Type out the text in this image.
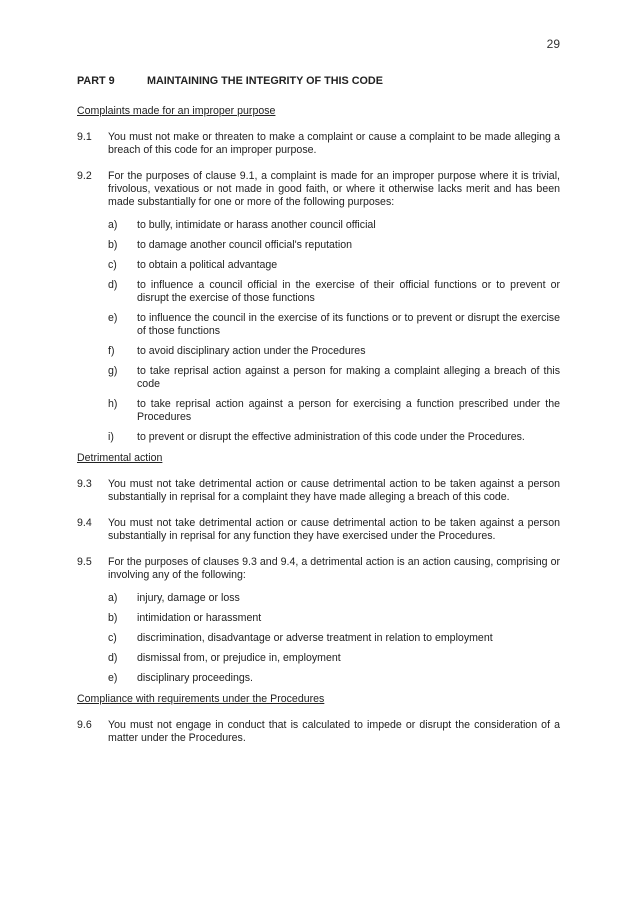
29
PART 9	MAINTAINING THE INTEGRITY OF THIS CODE
Complaints made for an improper purpose
9.1	You must not make or threaten to make a complaint or cause a complaint to be made alleging a breach of this code for an improper purpose.
9.2	For the purposes of clause 9.1, a complaint is made for an improper purpose where it is trivial, frivolous, vexatious or not made in good faith, or where it otherwise lacks merit and has been made substantially for one or more of the following purposes:
a)	to bully, intimidate or harass another council official
b)	to damage another council official's reputation
c)	to obtain a political advantage
d)	to influence a council official in the exercise of their official functions or to prevent or disrupt the exercise of those functions
e)	to influence the council in the exercise of its functions or to prevent or disrupt the exercise of those functions
f)	to avoid disciplinary action under the Procedures
g)	to take reprisal action against a person for making a complaint alleging a breach of this code
h)	to take reprisal action against a person for exercising a function prescribed under the Procedures
i)	to prevent or disrupt the effective administration of this code under the Procedures.
Detrimental action
9.3	You must not take detrimental action or cause detrimental action to be taken against a person substantially in reprisal for a complaint they have made alleging a breach of this code.
9.4	You must not take detrimental action or cause detrimental action to be taken against a person substantially in reprisal for any function they have exercised under the Procedures.
9.5	For the purposes of clauses 9.3 and 9.4, a detrimental action is an action causing, comprising or involving any of the following:
a)	injury, damage or loss
b)	intimidation or harassment
c)	discrimination, disadvantage or adverse treatment in relation to employment
d)	dismissal from, or prejudice in, employment
e)	disciplinary proceedings.
Compliance with requirements under the Procedures
9.6	You must not engage in conduct that is calculated to impede or disrupt the consideration of a matter under the Procedures.
